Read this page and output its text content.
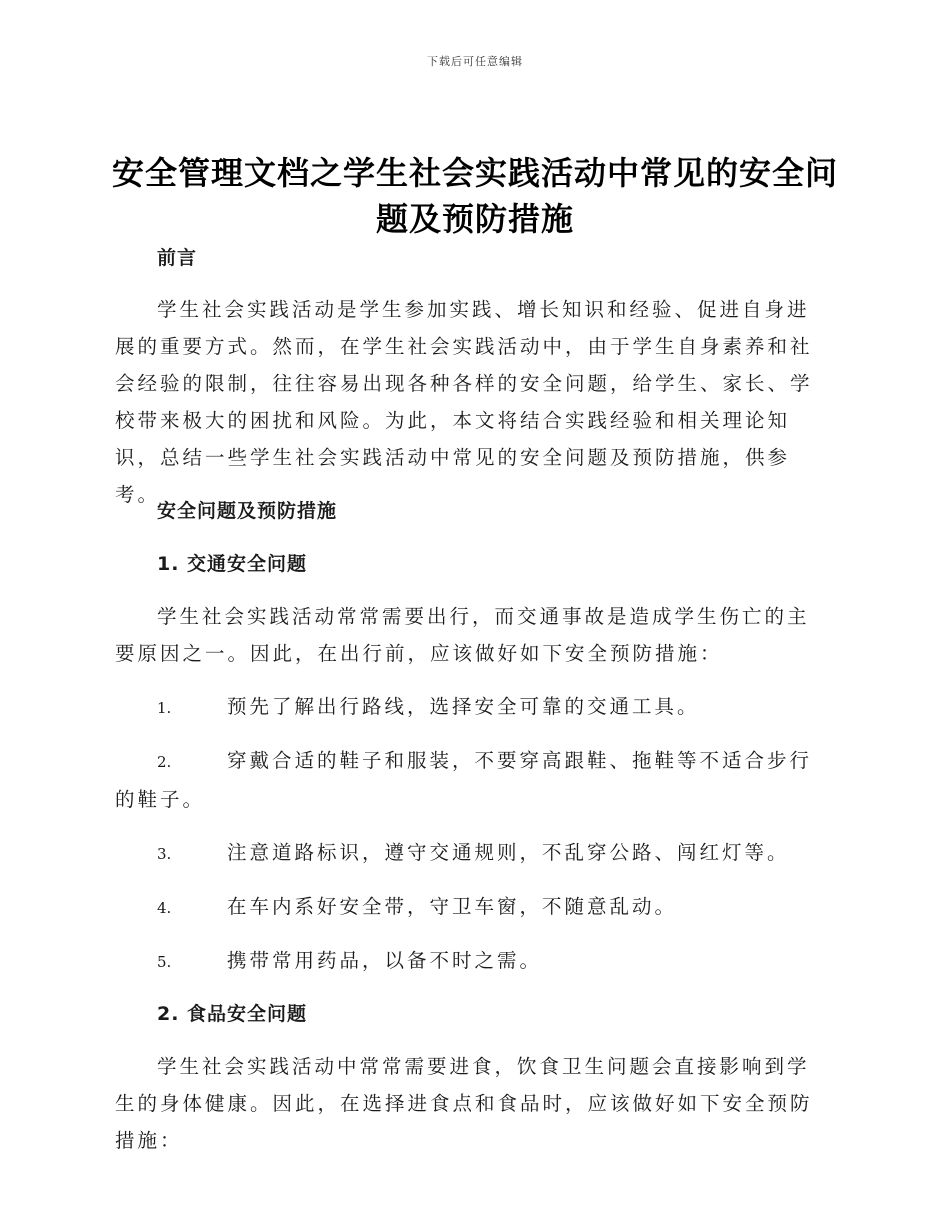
下载后可任意编辑
安全管理文档之学生社会实践活动中常见的安全问题及预防措施

前言

学生社会实践活动是学生参加实践、增长知识和经验、促进自身进展的重要方式。然而，在学生社会实践活动中，由于学生自身素养和社会经验的限制，往往容易出现各种各样的安全问题，给学生、家长、学校带来极大的困扰和风险。为此，本文将结合实践经验和相关理论知识，总结一些学生社会实践活动中常见的安全问题及预防措施，供参考。

安全问题及预防措施

1. 交通安全问题

学生社会实践活动常常需要出行，而交通事故是造成学生伤亡的主要原因之一。因此，在出行前，应该做好如下安全预防措施：

1.	预先了解出行路线，选择安全可靠的交通工具。

2.	穿戴合适的鞋子和服装，不要穿高跟鞋、拖鞋等不适合步行的鞋子。

3.	注意道路标识，遵守交通规则，不乱穿公路、闯红灯等。

4.	在车内系好安全带，守卫车窗，不随意乱动。

5.	携带常用药品，以备不时之需。

2. 食品安全问题

学生社会实践活动中常常需要进食，饮食卫生问题会直接影响到学生的身体健康。因此，在选择进食点和食品时，应该做好如下安全预防措施：
